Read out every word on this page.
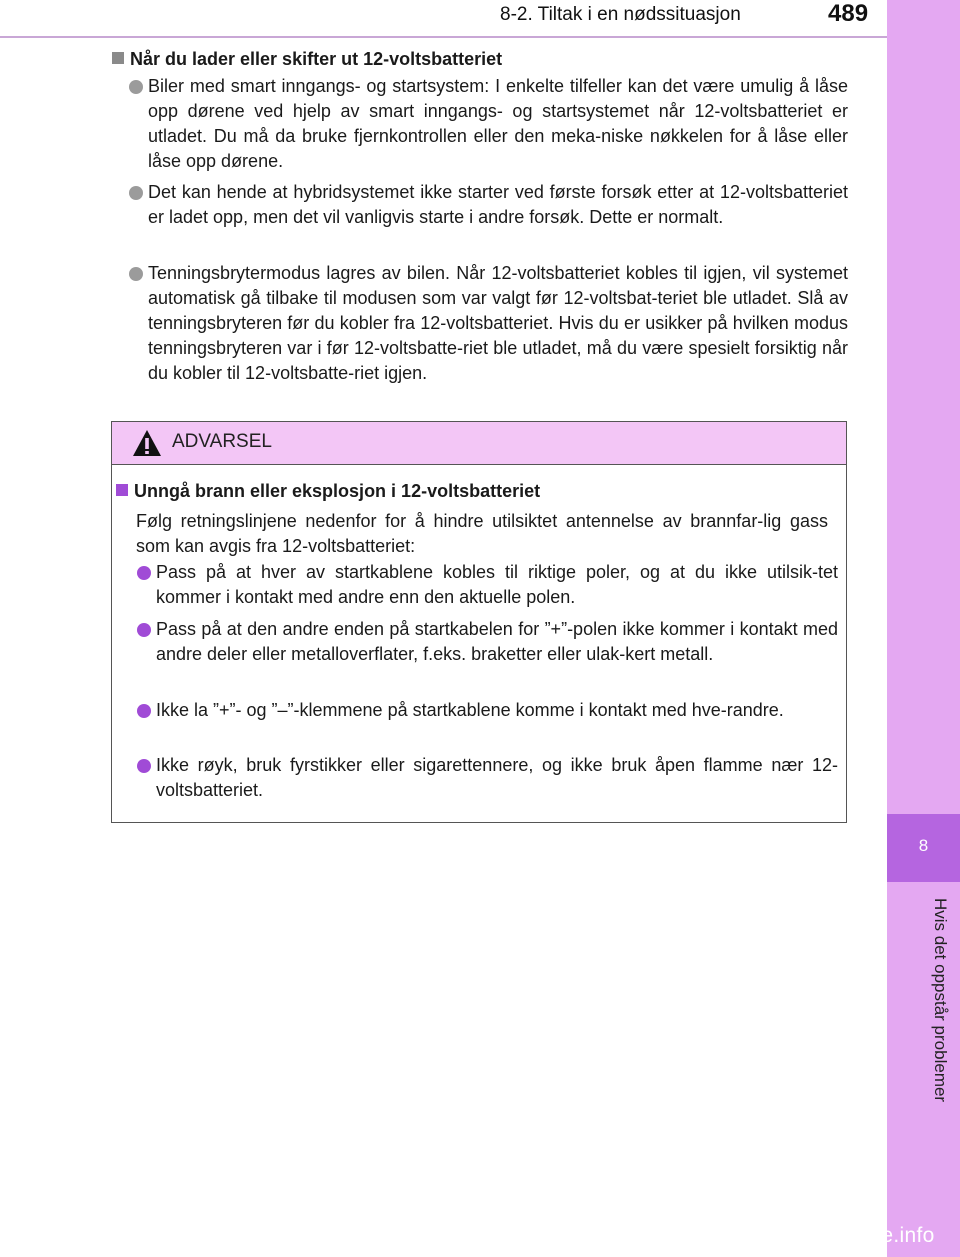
8-2. Tiltak i en nødssituasjon	489
8
Hvis det oppstår problemer
Når du lader eller skifter ut 12-voltsbatteriet
Biler med smart inngangs- og startsystem: I enkelte tilfeller kan det være umulig å låse opp dørene ved hjelp av smart inngangs- og startsystemet når 12-voltsbatteriet er utladet. Du må da bruke fjernkontrollen eller den meka-niske nøkkelen for å låse eller låse opp dørene.
Det kan hende at hybridsystemet ikke starter ved første forsøk etter at 12-voltsbatteriet er ladet opp, men det vil vanligvis starte i andre forsøk. Dette er normalt.
Tenningsbrytermodus lagres av bilen. Når 12-voltsbatteriet kobles til igjen, vil systemet automatisk gå tilbake til modusen som var valgt før 12-voltsbat-teriet ble utladet. Slå av tenningsbryteren før du kobler fra 12-voltsbatteriet. Hvis du er usikker på hvilken modus tenningsbryteren var i før 12-voltsbatte-riet ble utladet, må du være spesielt forsiktig når du kobler til 12-voltsbatte-riet igjen.
ADVARSEL
Unngå brann eller eksplosjon i 12-voltsbatteriet
Følg retningslinjene nedenfor for å hindre utilsiktet antennelse av brannfar-lig gass som kan avgis fra 12-voltsbatteriet:
Pass på at hver av startkablene kobles til riktige poler, og at du ikke utilsik-tet kommer i kontakt med andre enn den aktuelle polen.
Pass på at den andre enden på startkabelen for ”+”-polen ikke kommer i kontakt med andre deler eller metalloverflater, f.eks. braketter eller ulak-kert metall.
Ikke la ”+”- og ”–”-klemmene på startkablene komme i kontakt med hve-randre.
Ikke røyk, bruk fyrstikker eller sigarettennere, og ikke bruk åpen flamme nær 12-voltsbatteriet.
carmanualsonline.info
